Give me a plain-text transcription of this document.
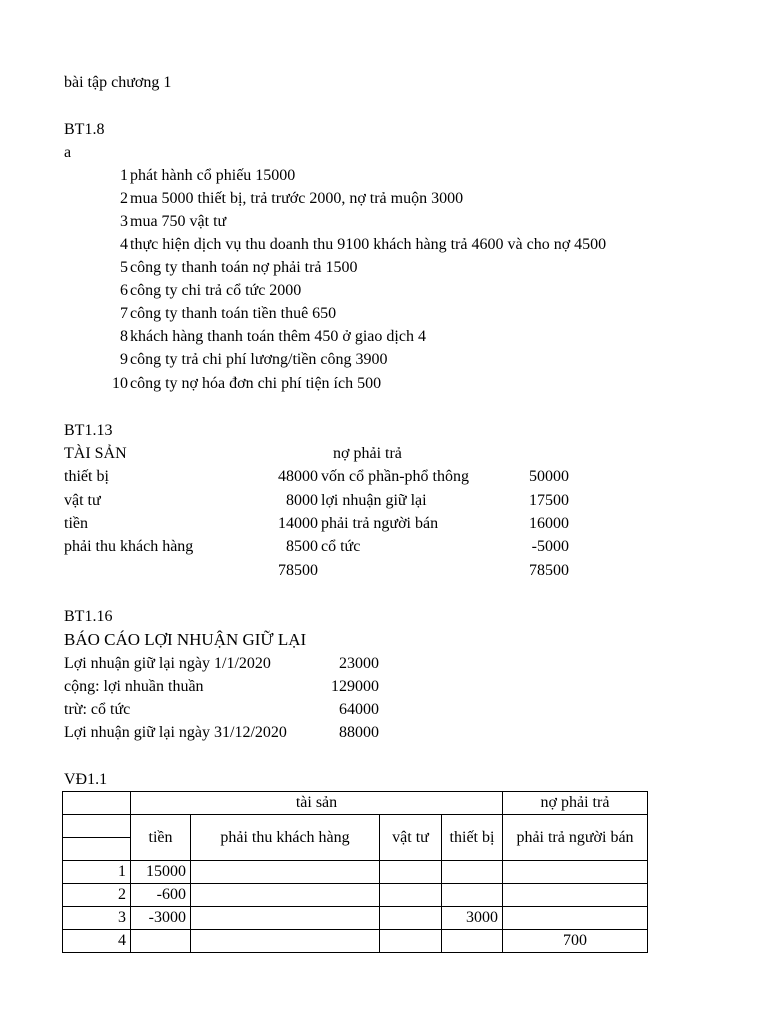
bài tập chương 1
BT1.8
a
1 phát hành cổ phiếu 15000
2 mua 5000 thiết bị, trả trước 2000, nợ trả muộn 3000
3 mua 750 vật tư
4 thực hiện dịch vụ thu doanh thu 9100 khách hàng trả 4600 và cho nợ 4500
5 công ty thanh toán nợ phải trả 1500
6 công ty chi trả cổ tức 2000
7 công ty thanh toán tiền thuê 650
8 khách hàng thanh toán thêm 450 ở giao dịch 4
9 công ty trả chi phí lương/tiền công 3900
10 công ty nợ hóa đơn chi phí tiện ích 500
BT1.13
TÀI SẢN	nợ phải trả
thiết bị	48000 vốn cổ phần-phổ thông	50000
vật tư	8000 lợi nhuận giữ lại	17500
tiền	14000 phải trả người bán	16000
phải thu khách hàng	8500 cổ tức	-5000
78500	78500
BT1.16
BÁO CÁO LỢI NHUẬN GIỮ LẠI
Lợi nhuận giữ lại ngày 1/1/2020	23000
cộng: lợi nhuần thuần	129000
trừ: cổ tức	64000
Lợi nhuận giữ lại ngày 31/12/2020	88000
VĐ1.1
	tài sản				nợ phải trả

	tiền	phải thu khách hàng	vật tư	thiết bị	phải trả người bán
1	15000				
2	-600				
3	-3000			3000	
4					700
